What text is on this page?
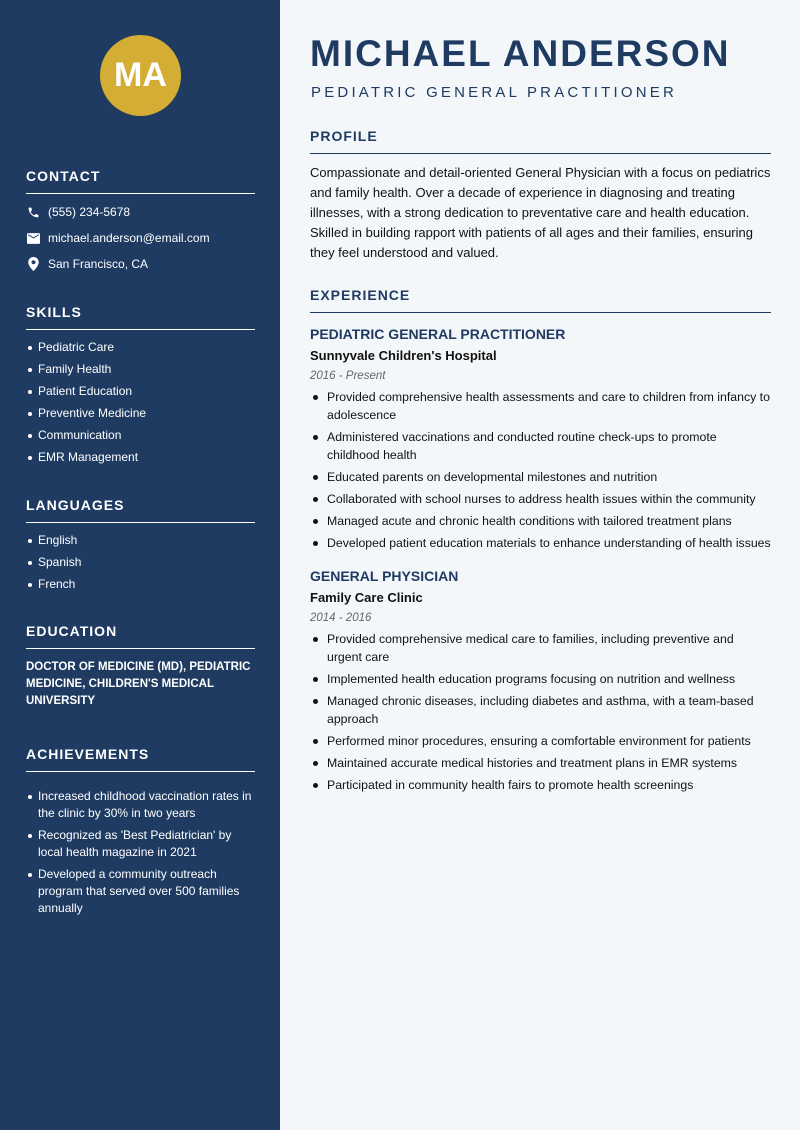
MA
CONTACT
(555) 234-5678
michael.anderson@email.com
San Francisco, CA
SKILLS
Pediatric Care
Family Health
Patient Education
Preventive Medicine
Communication
EMR Management
LANGUAGES
English
Spanish
French
EDUCATION
DOCTOR OF MEDICINE (MD), PEDIATRIC MEDICINE, CHILDREN'S MEDICAL UNIVERSITY
ACHIEVEMENTS
Increased childhood vaccination rates in the clinic by 30% in two years
Recognized as 'Best Pediatrician' by local health magazine in 2021
Developed a community outreach program that served over 500 families annually
MICHAEL ANDERSON
PEDIATRIC GENERAL PRACTITIONER
PROFILE
Compassionate and detail-oriented General Physician with a focus on pediatrics and family health. Over a decade of experience in diagnosing and treating illnesses, with a strong dedication to preventative care and health education. Skilled in building rapport with patients of all ages and their families, ensuring they feel understood and valued.
EXPERIENCE
PEDIATRIC GENERAL PRACTITIONER
Sunnyvale Children's Hospital
2016 - Present
Provided comprehensive health assessments and care to children from infancy to adolescence
Administered vaccinations and conducted routine check-ups to promote childhood health
Educated parents on developmental milestones and nutrition
Collaborated with school nurses to address health issues within the community
Managed acute and chronic health conditions with tailored treatment plans
Developed patient education materials to enhance understanding of health issues
GENERAL PHYSICIAN
Family Care Clinic
2014 - 2016
Provided comprehensive medical care to families, including preventive and urgent care
Implemented health education programs focusing on nutrition and wellness
Managed chronic diseases, including diabetes and asthma, with a team-based approach
Performed minor procedures, ensuring a comfortable environment for patients
Maintained accurate medical histories and treatment plans in EMR systems
Participated in community health fairs to promote health screenings
